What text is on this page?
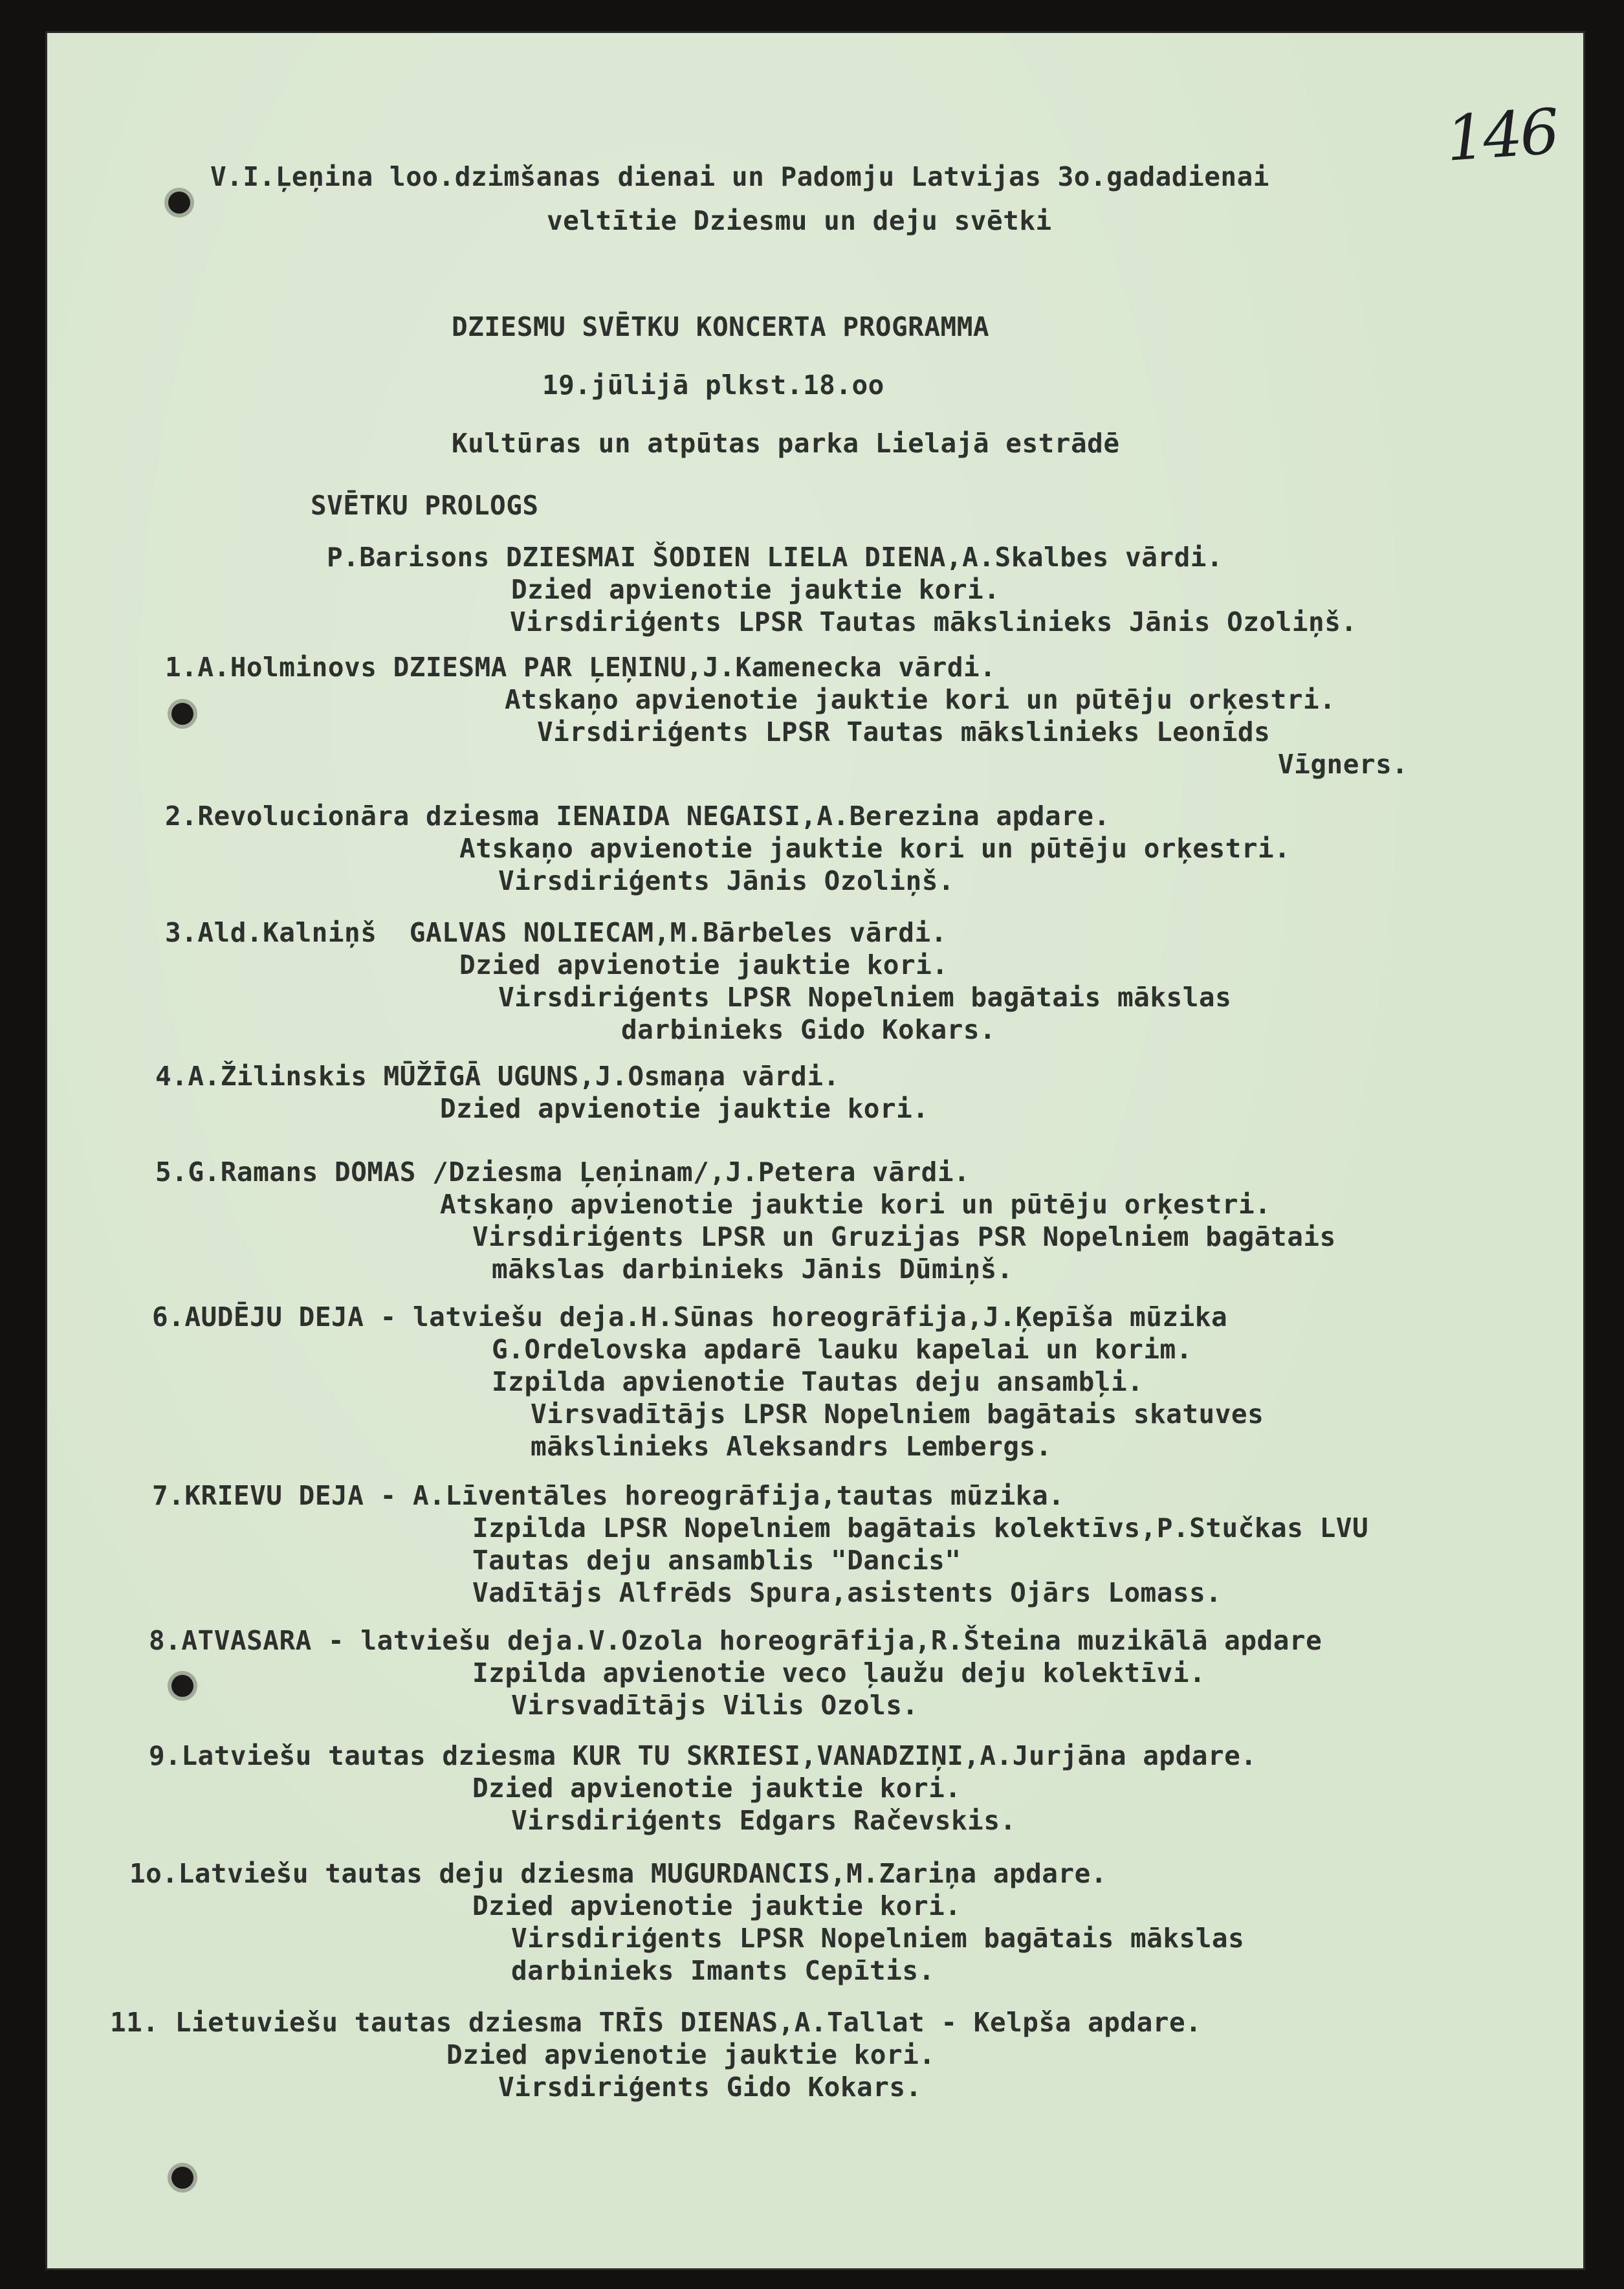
146
V.I.Ļeņina loo.dzimšanas dienai un Padomju Latvijas 3o.gadadienai
veltītie Dziesmu un deju svētki
DZIESMU SVĒTKU KONCERTA PROGRAMMA
19.jūlijā plkst.18.oo
Kultūras un atpūtas parka Lielajā estrādē
SVĒTKU PROLOGS
P.Barisons DZIESMAI ŠODIEN LIELA DIENA,A.Skalbes vārdi.
Dzied apvienotie jauktie kori.
Virsdiriģents LPSR Tautas mākslinieks Jānis Ozoliņš.
1.A.Holminovs DZIESMA PAR ĻEŅINU,J.Kamenecka vārdi.
Atskaņo apvienotie jauktie kori un pūtēju orķestri.
Virsdiriģents LPSR Tautas mākslinieks Leonīds
Vīgners.
2.Revolucionāra dziesma IENAIDA NEGAISI,A.Berezina apdare.
Atskaņo apvienotie jauktie kori un pūtēju orķestri.
Virsdiriģents Jānis Ozoliņš.
3.Ald.Kalniņš  GALVAS NOLIECAM,M.Bārbeles vārdi.
Dzied apvienotie jauktie kori.
Virsdiriģents LPSR Nopelniem bagātais mākslas
darbinieks Gido Kokars.
4.A.Žilinskis MŪŽĪGĀ UGUNS,J.Osmaņa vārdi.
Dzied apvienotie jauktie kori.
5.G.Ramans DOMAS /Dziesma Ļeņinam/,J.Petera vārdi.
Atskaņo apvienotie jauktie kori un pūtēju orķestri.
Virsdiriģents LPSR un Gruzijas PSR Nopelniem bagātais
mākslas darbinieks Jānis Dūmiņš.
6.AUDĒJU DEJA - latviešu deja.H.Sūnas horeogrāfija,J.Ķepīša mūzika
G.Ordelovska apdarē lauku kapelai un korim.
Izpilda apvienotie Tautas deju ansambļi.
Virsvadītājs LPSR Nopelniem bagātais skatuves
mākslinieks Aleksandrs Lembergs.
7.KRIEVU DEJA - A.Līventāles horeogrāfija,tautas mūzika.
Izpilda LPSR Nopelniem bagātais kolektīvs,P.Stučkas LVU
Tautas deju ansamblis "Dancis"
Vadītājs Alfrēds Spura,asistents Ojārs Lomass.
8.ATVASARA - latviešu deja.V.Ozola horeogrāfija,R.Šteina muzikālā apdare
Izpilda apvienotie veco ļaužu deju kolektīvi.
Virsvadītājs Vilis Ozols.
9.Latviešu tautas dziesma KUR TU SKRIESI,VANADZIŅI,A.Jurjāna apdare.
Dzied apvienotie jauktie kori.
Virsdiriģents Edgars Račevskis.
1o.Latviešu tautas deju dziesma MUGURDANCIS,M.Zariņa apdare.
Dzied apvienotie jauktie kori.
Virsdiriģents LPSR Nopelniem bagātais mākslas
darbinieks Imants Cepītis.
11. Lietuviešu tautas dziesma TRĪS DIENAS,A.Tallat - Kelpša apdare.
Dzied apvienotie jauktie kori.
Virsdiriģents Gido Kokars.
